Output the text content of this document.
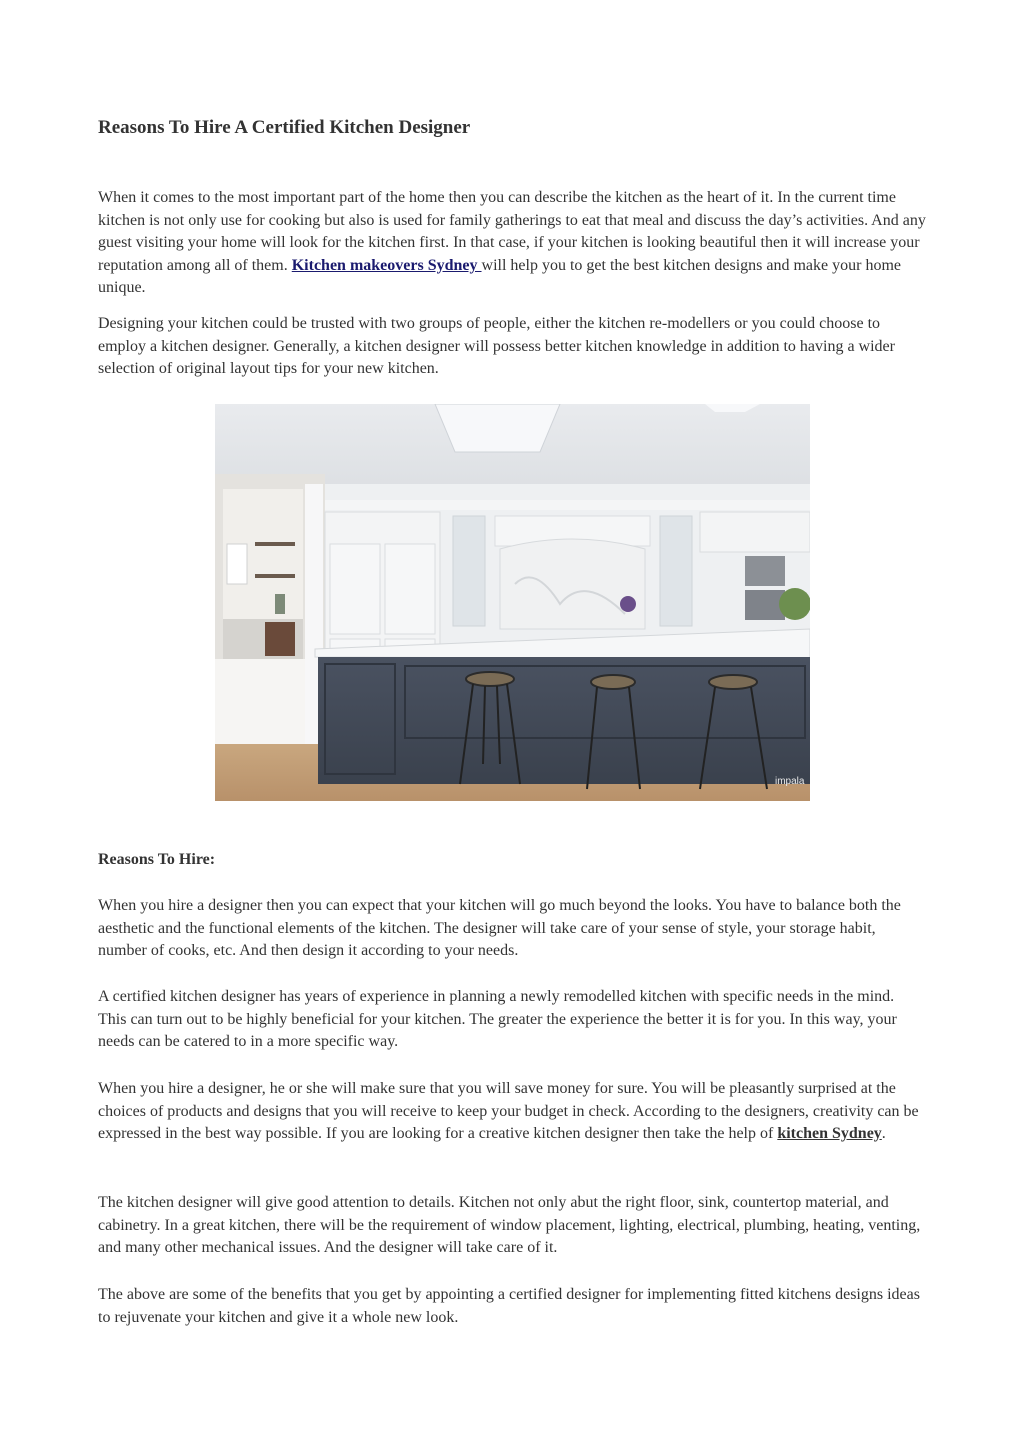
Reasons To Hire A Certified Kitchen Designer

When it comes to the most important part of the home then you can describe the kitchen as the heart of it. In the current time kitchen is not only use for cooking but also is used for family gatherings to eat that meal and discuss the day’s activities. And any guest visiting your home will look for the kitchen first. In that case, if your kitchen is looking beautiful then it will increase your reputation among all of them. Kitchen makeovers Sydney will help you to get the best kitchen designs and make your home unique.

Designing your kitchen could be trusted with two groups of people, either the kitchen re-modellers or you could choose to employ a kitchen designer. Generally, a kitchen designer will possess better kitchen knowledge in addition to having a wider selection of original layout tips for your new kitchen.

impala

Reasons To Hire:

When you hire a designer then you can expect that your kitchen will go much beyond the looks. You have to balance both the aesthetic and the functional elements of the kitchen. The designer will take care of your sense of style, your storage habit, number of cooks, etc. And then design it according to your needs.

A certified kitchen designer has years of experience in planning a newly remodelled kitchen with specific needs in the mind. This can turn out to be highly beneficial for your kitchen. The greater the experience the better it is for you. In this way, your needs can be catered to in a more specific way.

When you hire a designer, he or she will make sure that you will save money for sure. You will be pleasantly surprised at the choices of products and designs that you will receive to keep your budget in check. According to the designers, creativity can be expressed in the best way possible. If you are looking for a creative kitchen designer then take the help of kitchen Sydney.

The kitchen designer will give good attention to details. Kitchen not only abut the right floor, sink, countertop material, and cabinetry. In a great kitchen, there will be the requirement of window placement, lighting, electrical, plumbing, heating, venting, and many other mechanical issues. And the designer will take care of it.

The above are some of the benefits that you get by appointing a certified designer for implementing fitted kitchens designs ideas to rejuvenate your kitchen and give it a whole new look.
